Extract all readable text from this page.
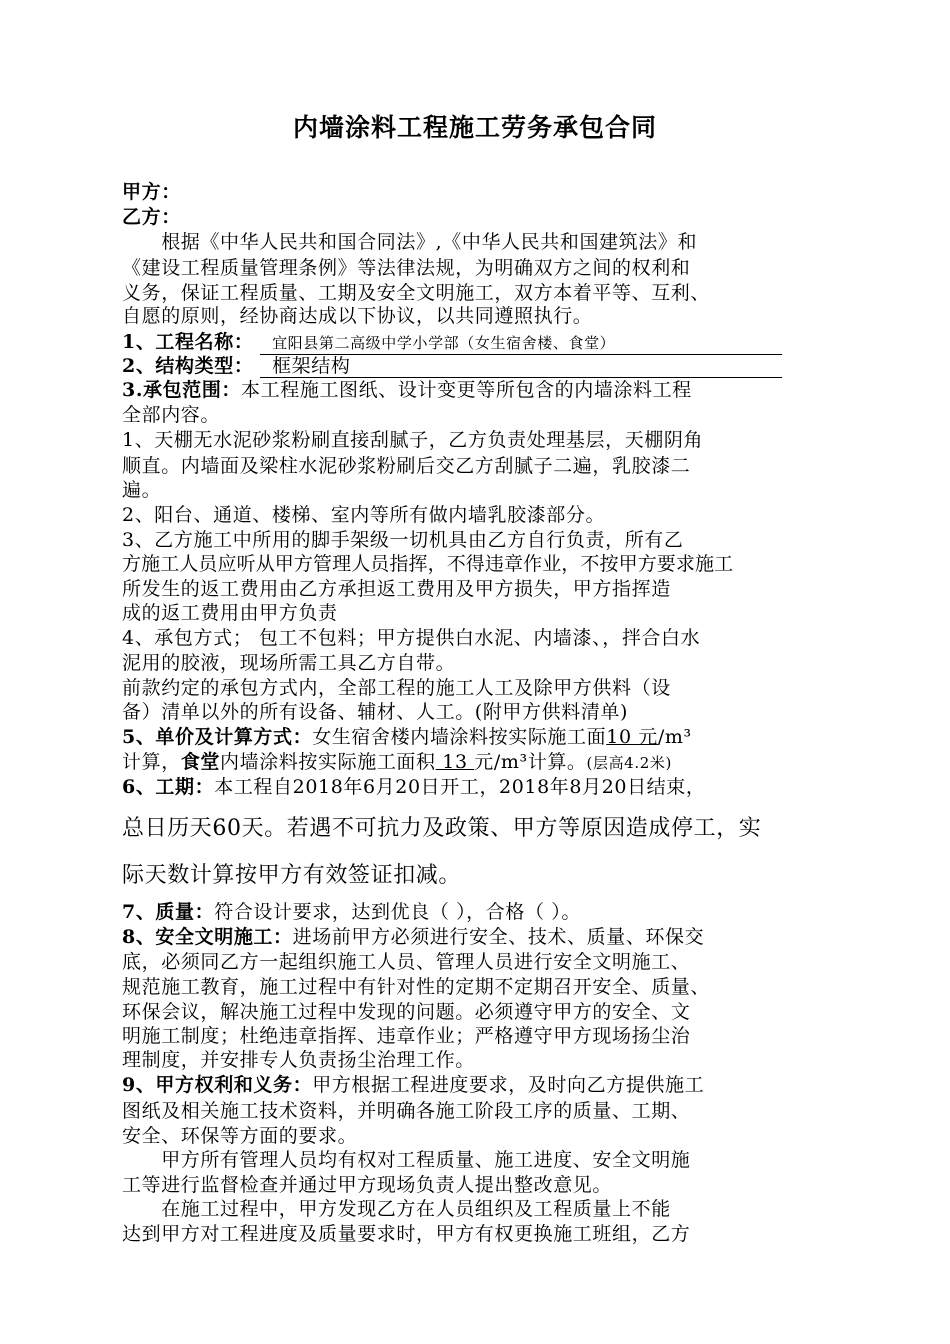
内墙涂料工程施工劳务承包合同
甲方：
乙方：
　　根据《中华人民共和国合同法》,《中华人民共和国建筑法》和
《建设工程质量管理条例》等法律法规，为明确双方之间的权利和
义务，保证工程质量、工期及安全文明施工，双方本着平等、互利、
自愿的原则，经协商达成以下协议，以共同遵照执行。
1、工程名称： 宜阳县第二高级中学小学部（女生宿舍楼、食堂）
2、结构类型： 框架结构
3.承包范围：本工程施工图纸、设计变更等所包含的内墙涂料工程
全部内容。
1、天棚无水泥砂浆粉刷直接刮腻子，乙方负责处理基层，天棚阴角
顺直。内墙面及梁柱水泥砂浆粉刷后交乙方刮腻子二遍，乳胶漆二
遍。
2、阳台、通道、楼梯、室内等所有做内墙乳胶漆部分。
3、乙方施工中所用的脚手架级一切机具由乙方自行负责，所有乙
方施工人员应听从甲方管理人员指挥，不得违章作业，不按甲方要求施工
所发生的返工费用由乙方承担返工费用及甲方损失，甲方指挥造
成的返工费用由甲方负责
4、承包方式； 包工不包料；甲方提供白水泥、内墙漆、，拌合白水
泥用的胶液，现场所需工具乙方自带。
前款约定的承包方式内，全部工程的施工人工及除甲方供料（设
备）清单以外的所有设备、辅材、人工。(附甲方供料清单)
5、单价及计算方式：女生宿舍楼内墙涂料按实际施工面10 元/m³
计算，食堂内墙涂料按实际施工面积 13 元/m³计算。(层高4.2米)
6、工期：本工程自2018年6月20日开工，2018年8月20日结束，
总日历天60天。若遇不可抗力及政策、甲方等原因造成停工，实
际天数计算按甲方有效签证扣减。
7、质量：符合设计要求，达到优良（ ），合格（ ）。
8、安全文明施工：进场前甲方必须进行安全、技术、质量、环保交
底，必须同乙方一起组织施工人员、管理人员进行安全文明施工、
规范施工教育，施工过程中有针对性的定期不定期召开安全、质量、
环保会议，解决施工过程中发现的问题。必须遵守甲方的安全、文
明施工制度；杜绝违章指挥、违章作业；严格遵守甲方现场扬尘治
理制度，并安排专人负责扬尘治理工作。
9、甲方权利和义务：甲方根据工程进度要求，及时向乙方提供施工
图纸及相关施工技术资料，并明确各施工阶段工序的质量、工期、
安全、环保等方面的要求。
　　甲方所有管理人员均有权对工程质量、施工进度、安全文明施
工等进行监督检查并通过甲方现场负责人提出整改意见。
　　在施工过程中，甲方发现乙方在人员组织及工程质量上不能
达到甲方对工程进度及质量要求时，甲方有权更换施工班组，乙方
